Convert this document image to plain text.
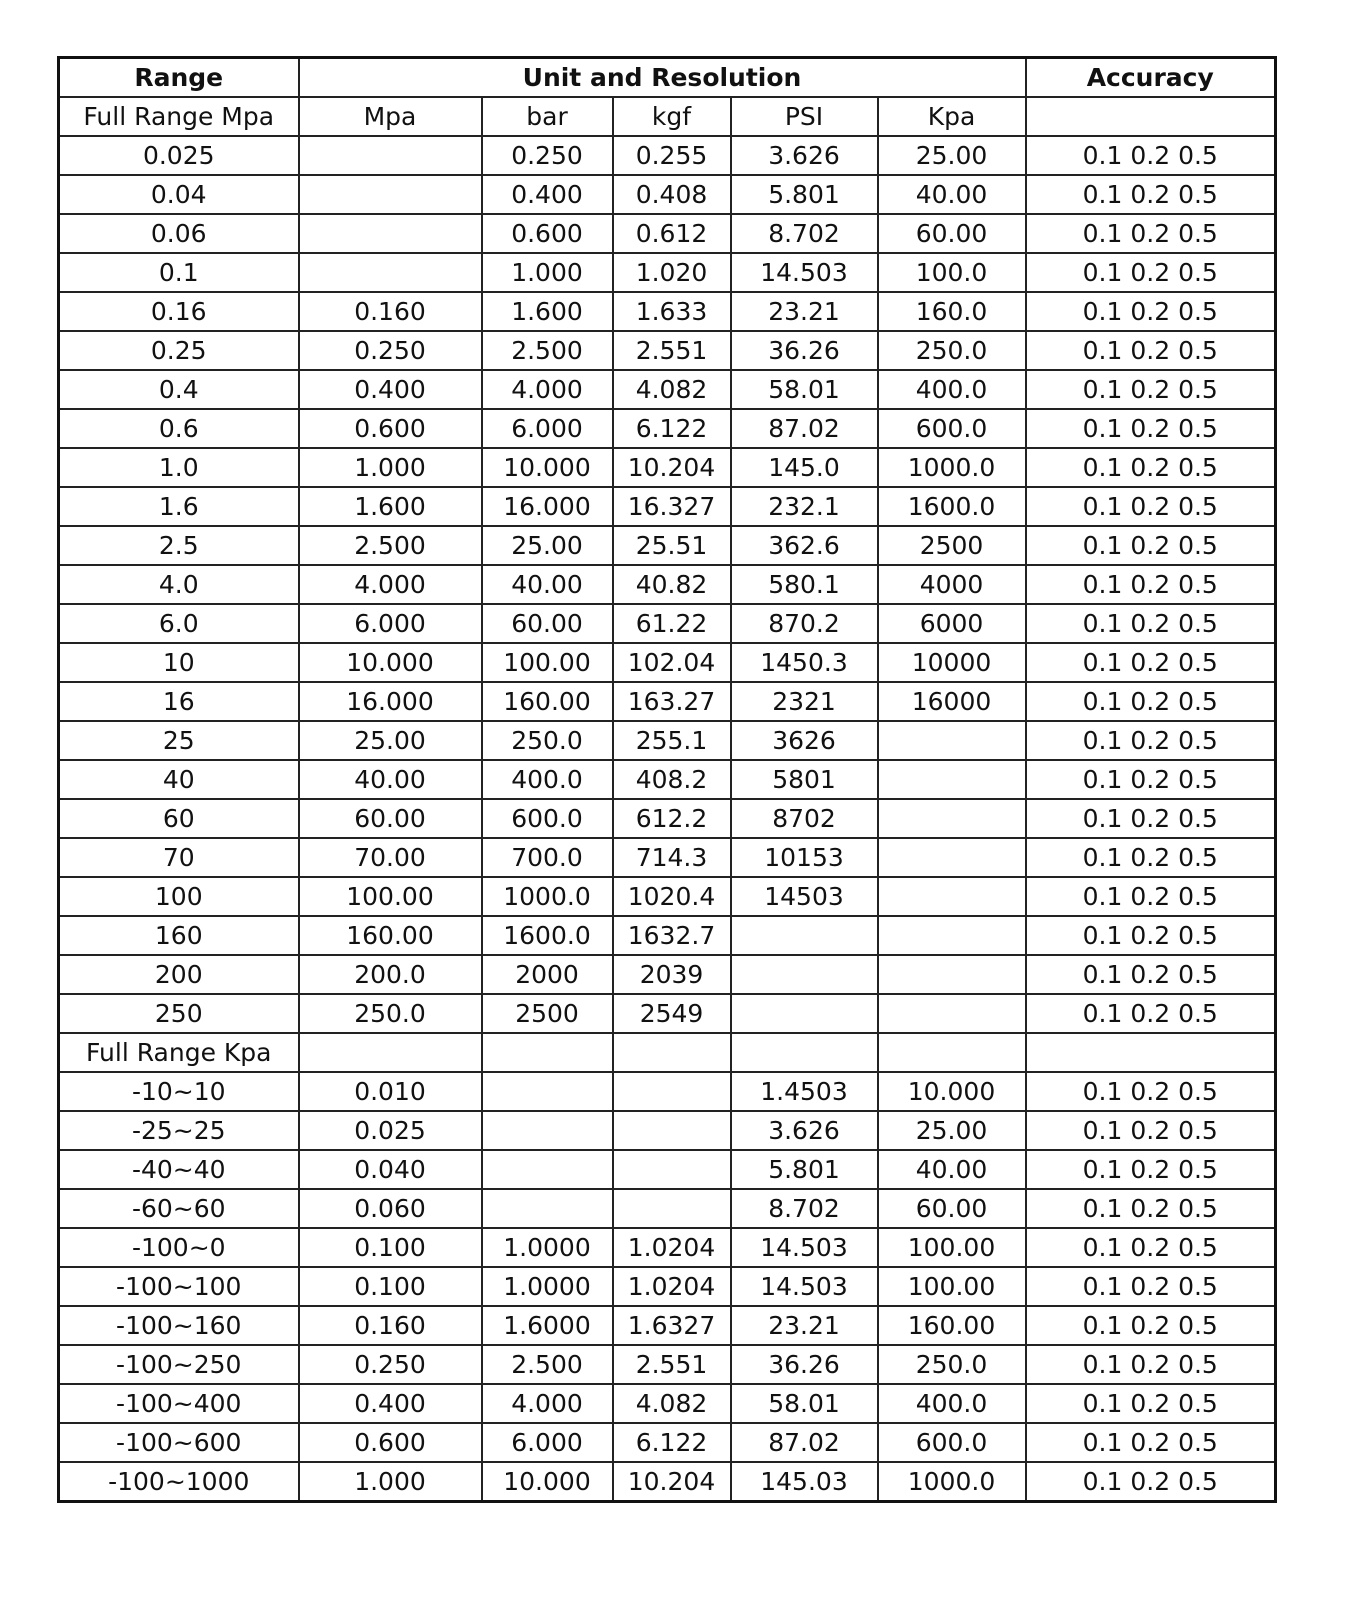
Range	Unit and Resolution					Accuracy
Full Range Mpa	Mpa	bar	kgf	PSI	Kpa	
0.025		0.250	0.255	3.626	25.00	0.1 0.2 0.5
0.04		0.400	0.408	5.801	40.00	0.1 0.2 0.5
0.06		0.600	0.612	8.702	60.00	0.1 0.2 0.5
0.1		1.000	1.020	14.503	100.0	0.1 0.2 0.5
0.16	0.160	1.600	1.633	23.21	160.0	0.1 0.2 0.5
0.25	0.250	2.500	2.551	36.26	250.0	0.1 0.2 0.5
0.4	0.400	4.000	4.082	58.01	400.0	0.1 0.2 0.5
0.6	0.600	6.000	6.122	87.02	600.0	0.1 0.2 0.5
1.0	1.000	10.000	10.204	145.0	1000.0	0.1 0.2 0.5
1.6	1.600	16.000	16.327	232.1	1600.0	0.1 0.2 0.5
2.5	2.500	25.00	25.51	362.6	2500	0.1 0.2 0.5
4.0	4.000	40.00	40.82	580.1	4000	0.1 0.2 0.5
6.0	6.000	60.00	61.22	870.2	6000	0.1 0.2 0.5
10	10.000	100.00	102.04	1450.3	10000	0.1 0.2 0.5
16	16.000	160.00	163.27	2321	16000	0.1 0.2 0.5
25	25.00	250.0	255.1	3626		0.1 0.2 0.5
40	40.00	400.0	408.2	5801		0.1 0.2 0.5
60	60.00	600.0	612.2	8702		0.1 0.2 0.5
70	70.00	700.0	714.3	10153		0.1 0.2 0.5
100	100.00	1000.0	1020.4	14503		0.1 0.2 0.5
160	160.00	1600.0	1632.7			0.1 0.2 0.5
200	200.0	2000	2039			0.1 0.2 0.5
250	250.0	2500	2549			0.1 0.2 0.5
Full Range Kpa						
-10~10	0.010			1.4503	10.000	0.1 0.2 0.5
-25~25	0.025			3.626	25.00	0.1 0.2 0.5
-40~40	0.040			5.801	40.00	0.1 0.2 0.5
-60~60	0.060			8.702	60.00	0.1 0.2 0.5
-100~0	0.100	1.0000	1.0204	14.503	100.00	0.1 0.2 0.5
-100~100	0.100	1.0000	1.0204	14.503	100.00	0.1 0.2 0.5
-100~160	0.160	1.6000	1.6327	23.21	160.00	0.1 0.2 0.5
-100~250	0.250	2.500	2.551	36.26	250.0	0.1 0.2 0.5
-100~400	0.400	4.000	4.082	58.01	400.0	0.1 0.2 0.5
-100~600	0.600	6.000	6.122	87.02	600.0	0.1 0.2 0.5
-100~1000	1.000	10.000	10.204	145.03	1000.0	0.1 0.2 0.5
